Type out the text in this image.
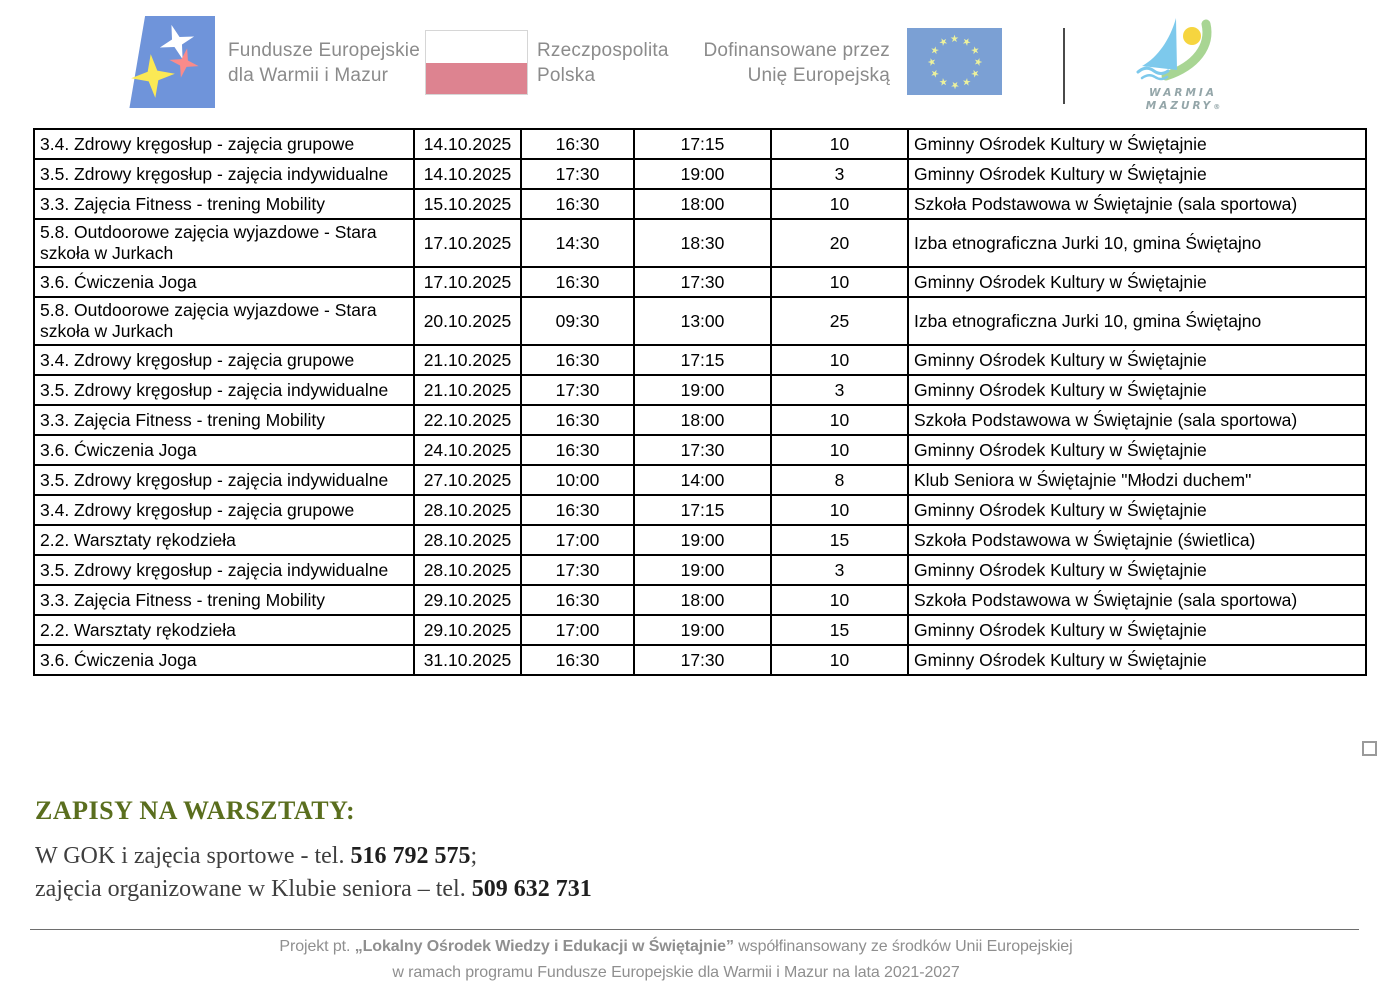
Fundusze Europejskie
dla Warmii i Mazur
Rzeczpospolita
Polska
Dofinansowane przez
Unię Europejską
★
★
★
★
★
★
★
★
★
★
★
★
WARMIA
MAZURY®
3.4. Zdrowy kręgosłup - zajęcia grupowe	14.10.2025	16:30	17:15	10	Gminny Ośrodek Kultury w Świętajnie
3.5. Zdrowy kręgosłup - zajęcia indywidualne	14.10.2025	17:30	19:00	3	Gminny Ośrodek Kultury w Świętajnie
3.3. Zajęcia Fitness - trening Mobility	15.10.2025	16:30	18:00	10	Szkoła Podstawowa w Świętajnie (sala sportowa)
5.8. Outdoorowe zajęcia wyjazdowe - Stara szkoła w Jurkach	17.10.2025	14:30	18:30	20	Izba etnograficzna Jurki 10, gmina Świętajno
3.6. Ćwiczenia Joga	17.10.2025	16:30	17:30	10	Gminny Ośrodek Kultury w Świętajnie
5.8. Outdoorowe zajęcia wyjazdowe - Stara szkoła w Jurkach	20.10.2025	09:30	13:00	25	Izba etnograficzna Jurki 10, gmina Świętajno
3.4. Zdrowy kręgosłup - zajęcia grupowe	21.10.2025	16:30	17:15	10	Gminny Ośrodek Kultury w Świętajnie
3.5. Zdrowy kręgosłup - zajęcia indywidualne	21.10.2025	17:30	19:00	3	Gminny Ośrodek Kultury w Świętajnie
3.3. Zajęcia Fitness - trening Mobility	22.10.2025	16:30	18:00	10	Szkoła Podstawowa w Świętajnie (sala sportowa)
3.6. Ćwiczenia Joga	24.10.2025	16:30	17:30	10	Gminny Ośrodek Kultury w Świętajnie
3.5. Zdrowy kręgosłup - zajęcia indywidualne	27.10.2025	10:00	14:00	8	Klub Seniora w Świętajnie "Młodzi duchem"
3.4. Zdrowy kręgosłup - zajęcia grupowe	28.10.2025	16:30	17:15	10	Gminny Ośrodek Kultury w Świętajnie
2.2. Warsztaty rękodzieła	28.10.2025	17:00	19:00	15	Szkoła Podstawowa w Świętajnie (świetlica)
3.5. Zdrowy kręgosłup - zajęcia indywidualne	28.10.2025	17:30	19:00	3	Gminny Ośrodek Kultury w Świętajnie
3.3. Zajęcia Fitness - trening Mobility	29.10.2025	16:30	18:00	10	Szkoła Podstawowa w Świętajnie (sala sportowa)
2.2. Warsztaty rękodzieła	29.10.2025	17:00	19:00	15	Gminny Ośrodek Kultury w Świętajnie
3.6. Ćwiczenia Joga	31.10.2025	16:30	17:30	10	Gminny Ośrodek Kultury w Świętajnie
ZAPISY NA WARSZTATY:
W GOK i zajęcia sportowe - tel. 516 792 575;
zajęcia organizowane w Klubie seniora – tel. 509 632 731
Projekt pt. „Lokalny Ośrodek Wiedzy i Edukacji w Świętajnie” współfinansowany ze środków Unii Europejskiej
w ramach programu Fundusze Europejskie dla Warmii i Mazur na lata 2021-2027
